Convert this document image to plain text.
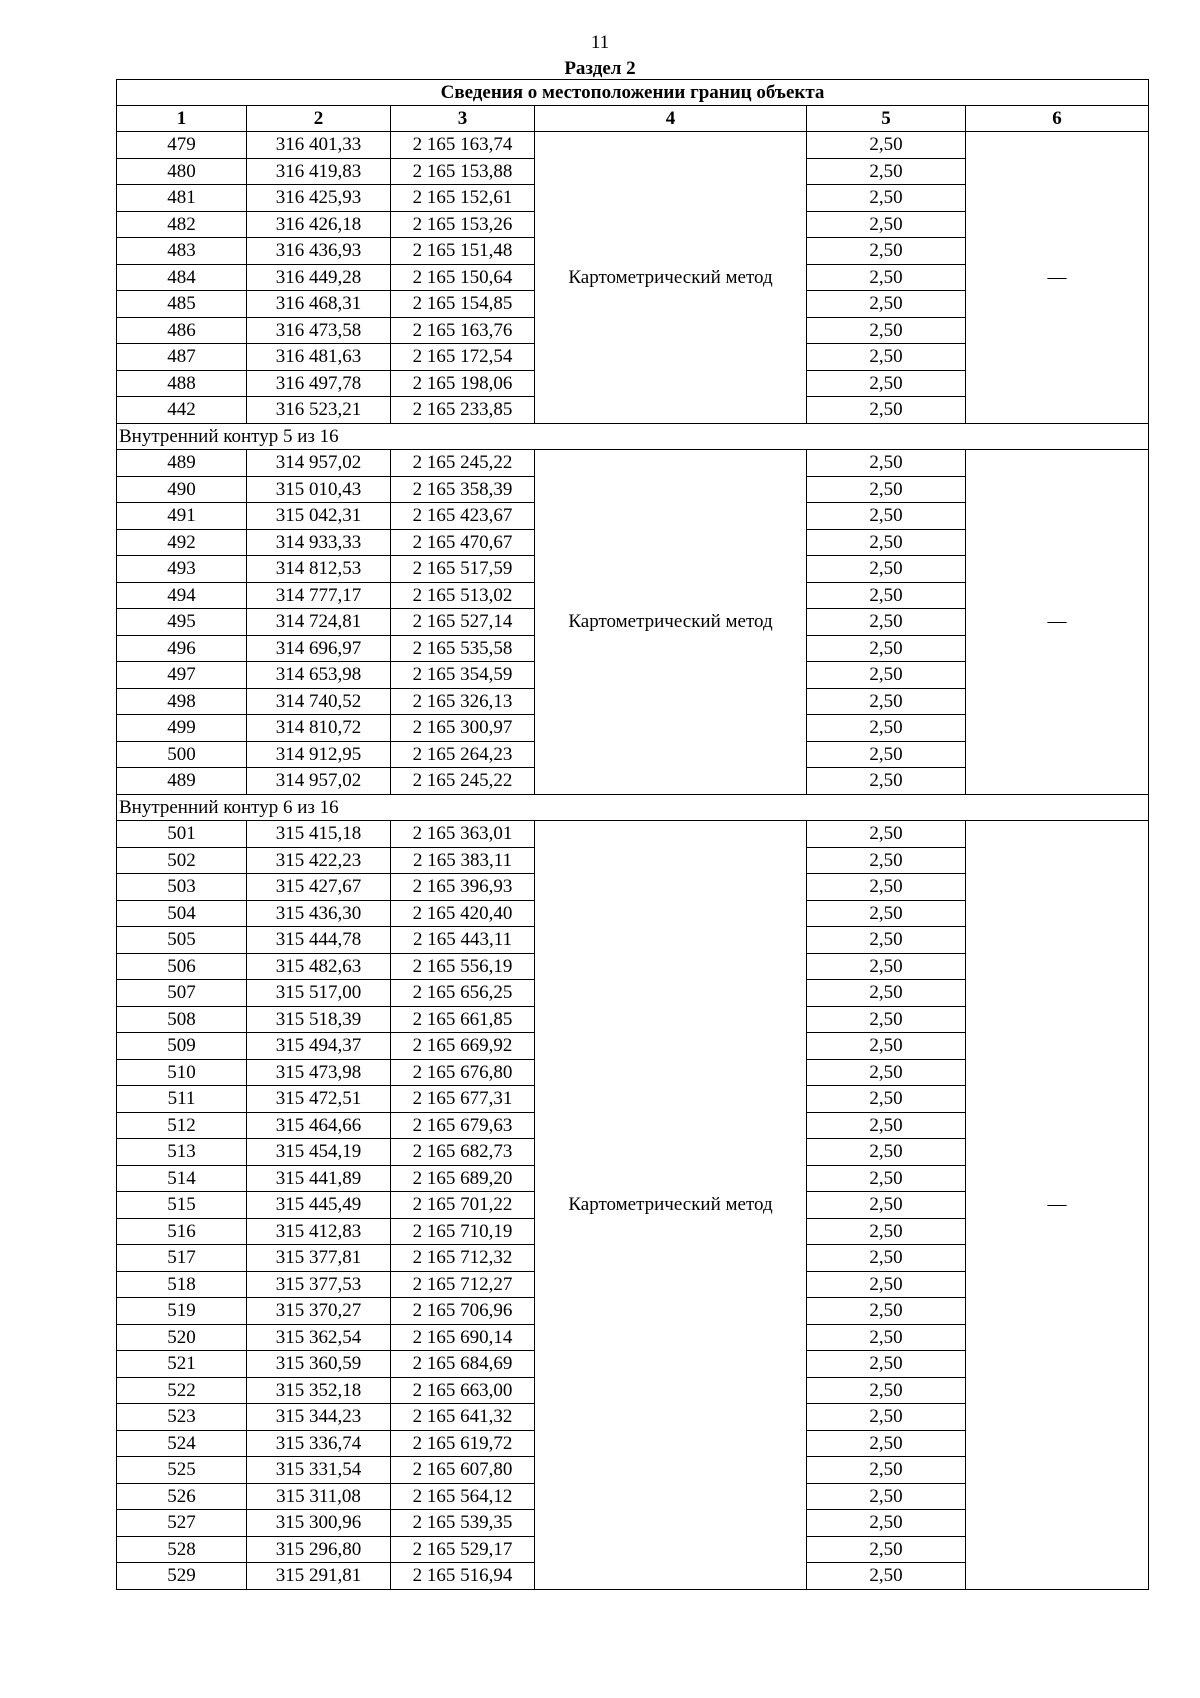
11
Раздел 2
Сведения о местоположении границ объекта					
1	2	3	4	5	6
479	316 401,33	2 165 163,74	Картометрический метод	2,50	—
480	316 419,83	2 165 153,88		2,50	
481	316 425,93	2 165 152,61		2,50	
482	316 426,18	2 165 153,26		2,50	
483	316 436,93	2 165 151,48		2,50	
484	316 449,28	2 165 150,64		2,50	
485	316 468,31	2 165 154,85		2,50	
486	316 473,58	2 165 163,76		2,50	
487	316 481,63	2 165 172,54		2,50	
488	316 497,78	2 165 198,06		2,50	
442	316 523,21	2 165 233,85		2,50	
Внутренний контур 5 из 16					
489	314 957,02	2 165 245,22	Картометрический метод	2,50	—
490	315 010,43	2 165 358,39		2,50	
491	315 042,31	2 165 423,67		2,50	
492	314 933,33	2 165 470,67		2,50	
493	314 812,53	2 165 517,59		2,50	
494	314 777,17	2 165 513,02		2,50	
495	314 724,81	2 165 527,14		2,50	
496	314 696,97	2 165 535,58		2,50	
497	314 653,98	2 165 354,59		2,50	
498	314 740,52	2 165 326,13		2,50	
499	314 810,72	2 165 300,97		2,50	
500	314 912,95	2 165 264,23		2,50	
489	314 957,02	2 165 245,22		2,50	
Внутренний контур 6 из 16					
501	315 415,18	2 165 363,01	Картометрический метод	2,50	—
502	315 422,23	2 165 383,11		2,50	
503	315 427,67	2 165 396,93		2,50	
504	315 436,30	2 165 420,40		2,50	
505	315 444,78	2 165 443,11		2,50	
506	315 482,63	2 165 556,19		2,50	
507	315 517,00	2 165 656,25		2,50	
508	315 518,39	2 165 661,85		2,50	
509	315 494,37	2 165 669,92		2,50	
510	315 473,98	2 165 676,80		2,50	
511	315 472,51	2 165 677,31		2,50	
512	315 464,66	2 165 679,63		2,50	
513	315 454,19	2 165 682,73		2,50	
514	315 441,89	2 165 689,20		2,50	
515	315 445,49	2 165 701,22		2,50	
516	315 412,83	2 165 710,19		2,50	
517	315 377,81	2 165 712,32		2,50	
518	315 377,53	2 165 712,27		2,50	
519	315 370,27	2 165 706,96		2,50	
520	315 362,54	2 165 690,14		2,50	
521	315 360,59	2 165 684,69		2,50	
522	315 352,18	2 165 663,00		2,50	
523	315 344,23	2 165 641,32		2,50	
524	315 336,74	2 165 619,72		2,50	
525	315 331,54	2 165 607,80		2,50	
526	315 311,08	2 165 564,12		2,50	
527	315 300,96	2 165 539,35		2,50	
528	315 296,80	2 165 529,17		2,50	
529	315 291,81	2 165 516,94		2,50	
